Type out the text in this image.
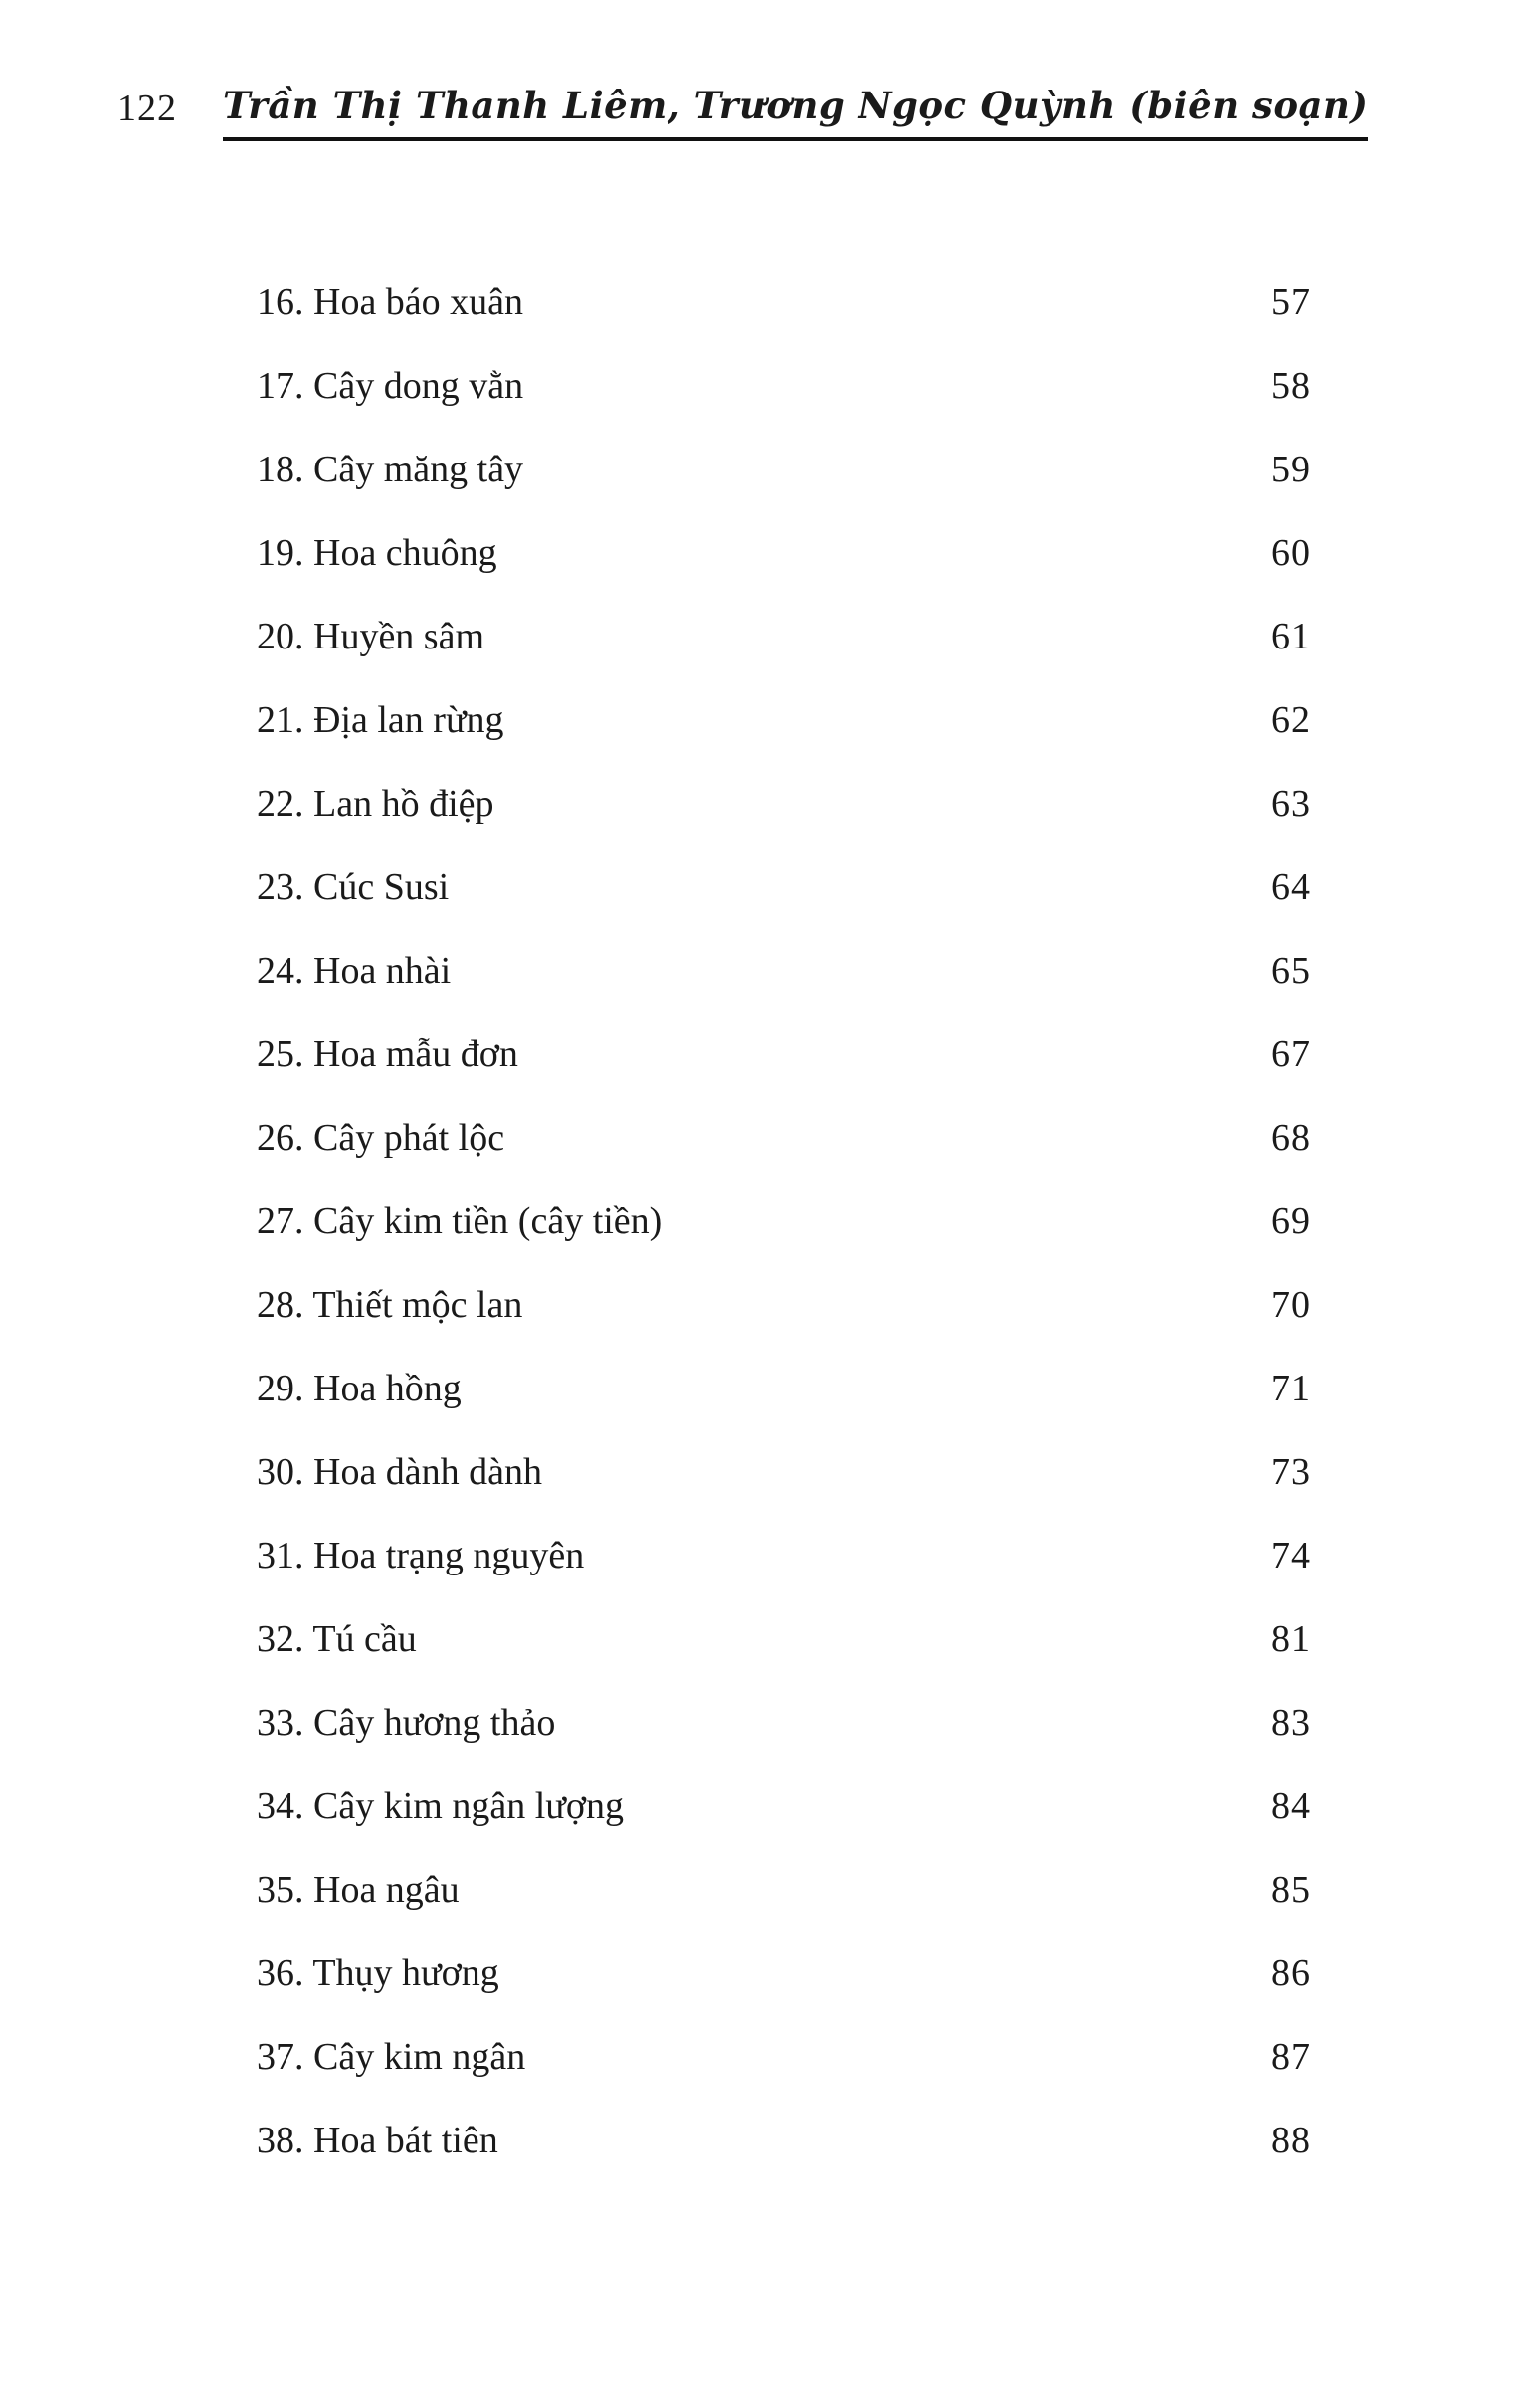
122 Trần Thị Thanh Liêm, Trương Ngọc Quỳnh (biên soạn)
16. Hoa báo xuân	57
17. Cây dong vằn	58
18. Cây măng tây	59
19. Hoa chuông	60
20. Huyền sâm	61
21. Địa lan rừng	62
22. Lan hồ điệp	63
23. Cúc Susi	64
24. Hoa nhài	65
25. Hoa mẫu đơn	67
26. Cây phát lộc	68
27. Cây kim tiền (cây tiền)	69
28. Thiết mộc lan	70
29. Hoa hồng	71
30. Hoa dành dành	73
31. Hoa trạng nguyên	74
32. Tú cầu	81
33. Cây hương thảo	83
34. Cây kim ngân lượng	84
35. Hoa ngâu	85
36. Thụy hương	86
37. Cây kim ngân	87
38. Hoa bát tiên	88
